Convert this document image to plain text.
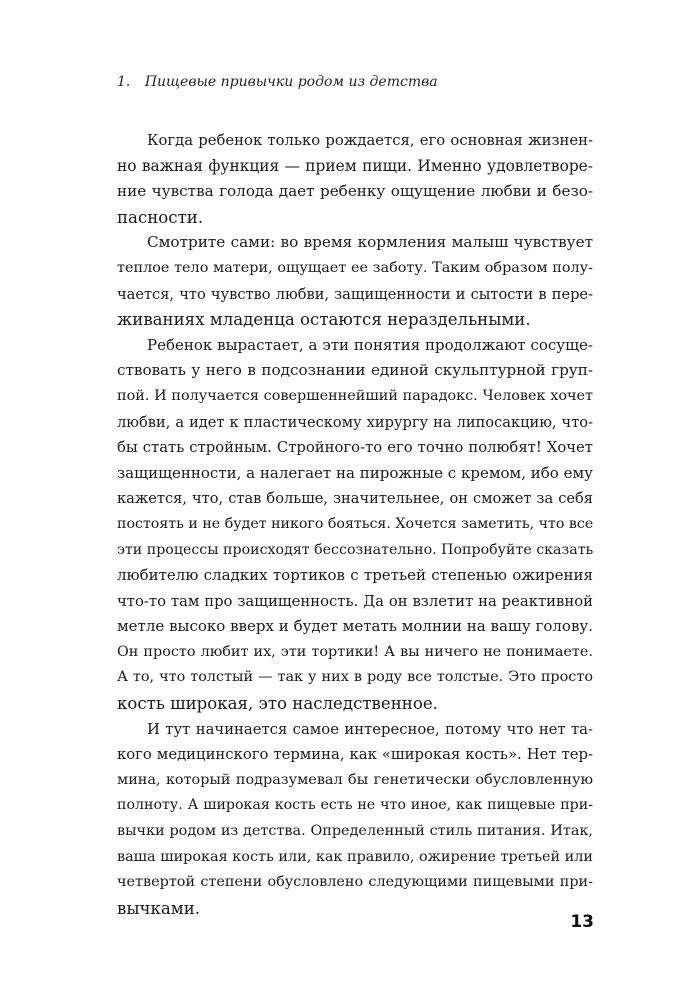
1. Пищевые привычки родом из детства
Когда ребенок только рождается, его основная жизнен-
но важная функция — прием пищи. Именно удовлетворе-
ние чувства голода дает ребенку ощущение любви и безо-
пасности.
Смотрите сами: во время кормления малыш чувствует
теплое тело матери, ощущает ее заботу. Таким образом полу-
чается, что чувство любви, защищенности и сытости в пере-
живаниях младенца остаются нераздельными.
Ребенок вырастает, а эти понятия продолжают сосуще-
ствовать у него в подсознании единой скульптурной груп-
пой. И получается совершеннейший парадокс. Человек хочет
любви, а идет к пластическому хирургу на липосакцию, что-
бы стать стройным. Стройного-то его точно полюбят! Хочет
защищенности, а налегает на пирожные с кремом, ибо ему
кажется, что, став больше, значительнее, он сможет за себя
постоять и не будет никого бояться. Хочется заметить, что все
эти процессы происходят бессознательно. Попробуйте сказать
любителю сладких тортиков с третьей степенью ожирения
что-то там про защищенность. Да он взлетит на реактивной
метле высоко вверх и будет метать молнии на вашу голову.
Он просто любит их, эти тортики! А вы ничего не понимаете.
А то, что толстый — так у них в роду все толстые. Это просто
кость широкая, это наследственное.
И тут начинается самое интересное, потому что нет та-
кого медицинского термина, как «широкая кость». Нет тер-
мина, который подразумевал бы генетически обусловленную
полноту. А широкая кость есть не что иное, как пищевые при-
вычки родом из детства. Определенный стиль питания. Итак,
ваша широкая кость или, как правило, ожирение третьей или
четвертой степени обусловлено следующими пищевыми при-
вычками.
13
